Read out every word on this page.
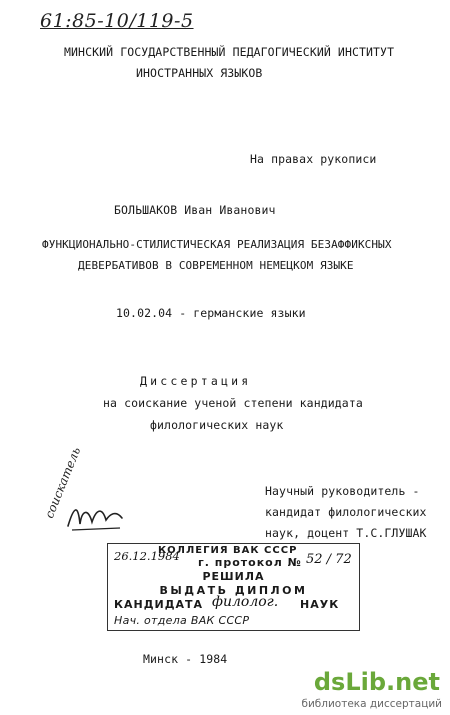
61:85-10/119-5
МИНСКИЙ ГОСУДАРСТВЕННЫЙ ПЕДАГОГИЧЕСКИЙ ИНСТИТУТ
ИНОСТРАННЫХ ЯЗЫКОВ
На правах рукописи
БОЛЬШАКОВ Иван Иванович
ФУНКЦИОНАЛЬНО-СТИЛИСТИЧЕСКАЯ РЕАЛИЗАЦИЯ БЕЗАФФИКСНЫХ
ДЕВЕРБАТИВОВ В СОВРЕМЕННОМ НЕМЕЦКОМ ЯЗЫКЕ
10.02.04 - германские языки
Диссертация
на соискание ученой степени кандидата
филологических наук
Научный руководитель -
кандидат филологических
наук, доцент Т.С.ГЛУШАК
соискатель
26.12.1984
КОЛЛЕГИЯ ВАК СССР
г. протокол № 52 / 72
РЕШИЛА
ВЫДАТЬ ДИПЛОМ
КАНДИДАТА филолог. НАУК
Нач. отдела ВАК СССР
Минск - 1984
dsLib.net
библиотека диссертаций
